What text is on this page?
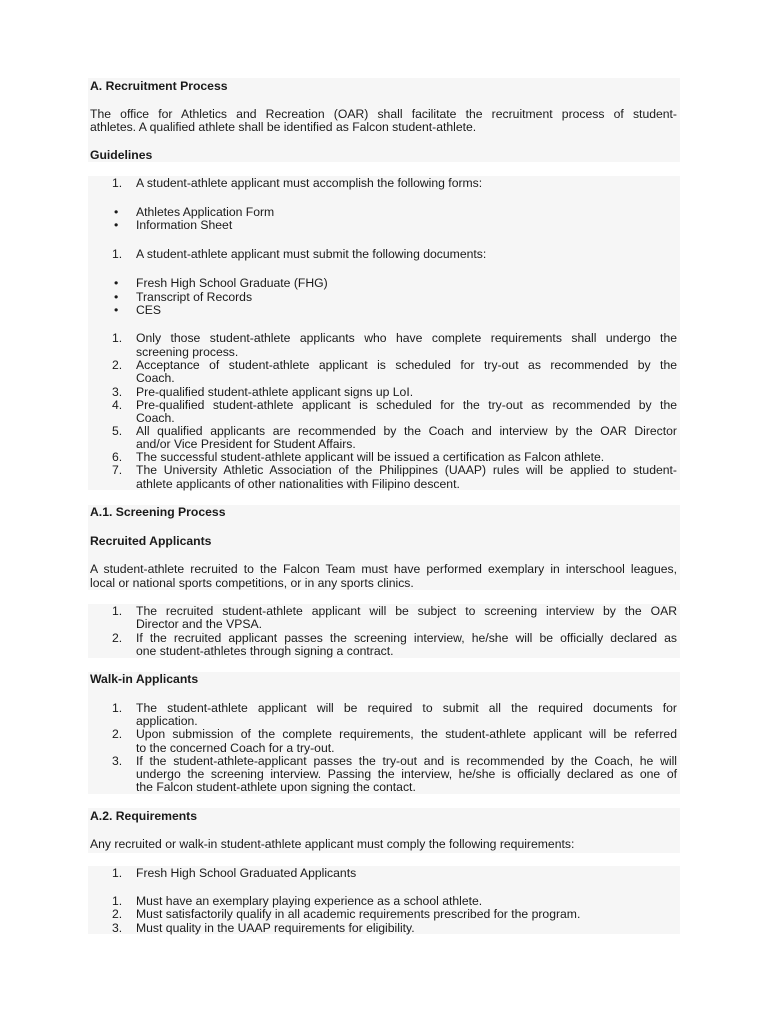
A. Recruitment Process
The office for Athletics and Recreation (OAR) shall facilitate the recruitment process of student-
athletes. A qualified athlete shall be identified as Falcon student-athlete.
Guidelines
1.	A student-athlete applicant must accomplish the following forms:
• Athletes Application Form
• Information Sheet
1.	A student-athlete applicant must submit the following documents:
• Fresh High School Graduate (FHG)
• Transcript of Records
• CES
1.	Only those student-athlete applicants who have complete requirements shall undergo the
screening process.
2.	Acceptance of student-athlete applicant is scheduled for try-out as recommended by the
Coach.
3.	Pre-qualified student-athlete applicant signs up LoI.
4.	Pre-qualified student-athlete applicant is scheduled for the try-out as recommended by the
Coach.
5.	All qualified applicants are recommended by the Coach and interview by the OAR Director
and/or Vice President for Student Affairs.
6.	The successful student-athlete applicant will be issued a certification as Falcon athlete.
7.	The University Athletic Association of the Philippines (UAAP) rules will be applied to student-
athlete applicants of other nationalities with Filipino descent.
A.1. Screening Process
Recruited Applicants
A student-athlete recruited to the Falcon Team must have performed exemplary in interschool leagues,
local or national sports competitions, or in any sports clinics.
1.	The recruited student-athlete applicant will be subject to screening interview by the OAR
Director and the VPSA.
2.	If the recruited applicant passes the screening interview, he/she will be officially declared as
one student-athletes through signing a contract.
Walk-in Applicants
1.	The student-athlete applicant will be required to submit all the required documents for
application.
2.	Upon submission of the complete requirements, the student-athlete applicant will be referred
to the concerned Coach for a try-out.
3.	If the student-athlete-applicant passes the try-out and is recommended by the Coach, he will
undergo the screening interview. Passing the interview, he/she is officially declared as one of
the Falcon student-athlete upon signing the contact.
A.2. Requirements
Any recruited or walk-in student-athlete applicant must comply the following requirements:
1.	Fresh High School Graduated Applicants
1.	Must have an exemplary playing experience as a school athlete.
2.	Must satisfactorily qualify in all academic requirements prescribed for the program.
3.	Must quality in the UAAP requirements for eligibility.
